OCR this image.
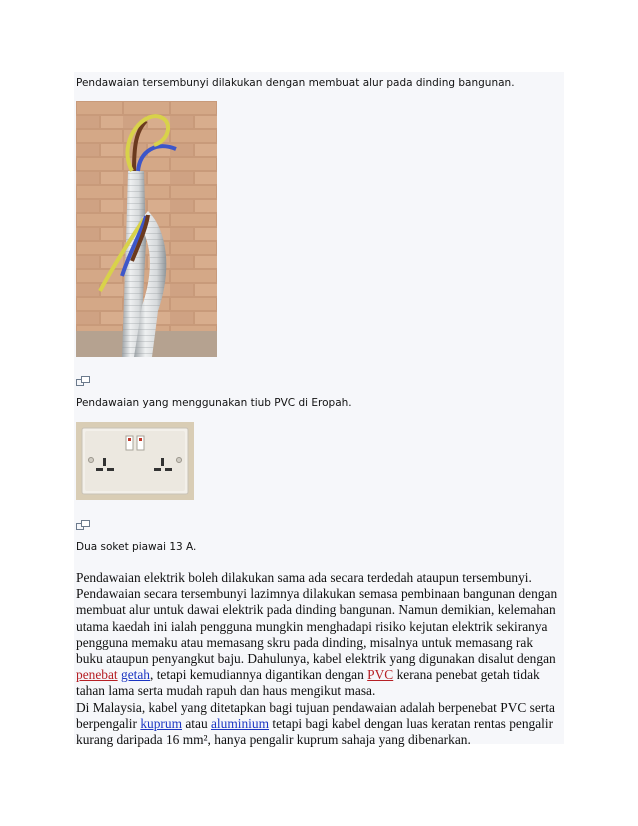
Pendawaian tersembunyi dilakukan dengan membuat alur pada dinding bangunan.
Pendawaian yang menggunakan tiub PVC di Eropah.
Dua soket piawai 13 A.

Pendawaian elektrik boleh dilakukan sama ada secara terdedah ataupun tersembunyi. Pendawaian secara tersembunyi lazimnya dilakukan semasa pembinaan bangunan dengan membuat alur untuk dawai elektrik pada dinding bangunan. Namun demikian, kelemahan utama kaedah ini ialah pengguna mungkin menghadapi risiko kejutan elektrik sekiranya pengguna memaku atau memasang skru pada dinding, misalnya untuk memasang rak buku ataupun penyangkut baju. Dahulunya, kabel elektrik yang digunakan disalut dengan penebat getah, tetapi kemudiannya digantikan dengan PVC kerana penebat getah tidak tahan lama serta mudah rapuh dan haus mengikut masa.

Di Malaysia, kabel yang ditetapkan bagi tujuan pendawaian adalah berpenebat PVC serta berpengalir kuprum atau aluminium tetapi bagi kabel dengan luas keratan rentas pengalir kurang daripada 16 mm², hanya pengalir kuprum sahaja yang dibenarkan.
